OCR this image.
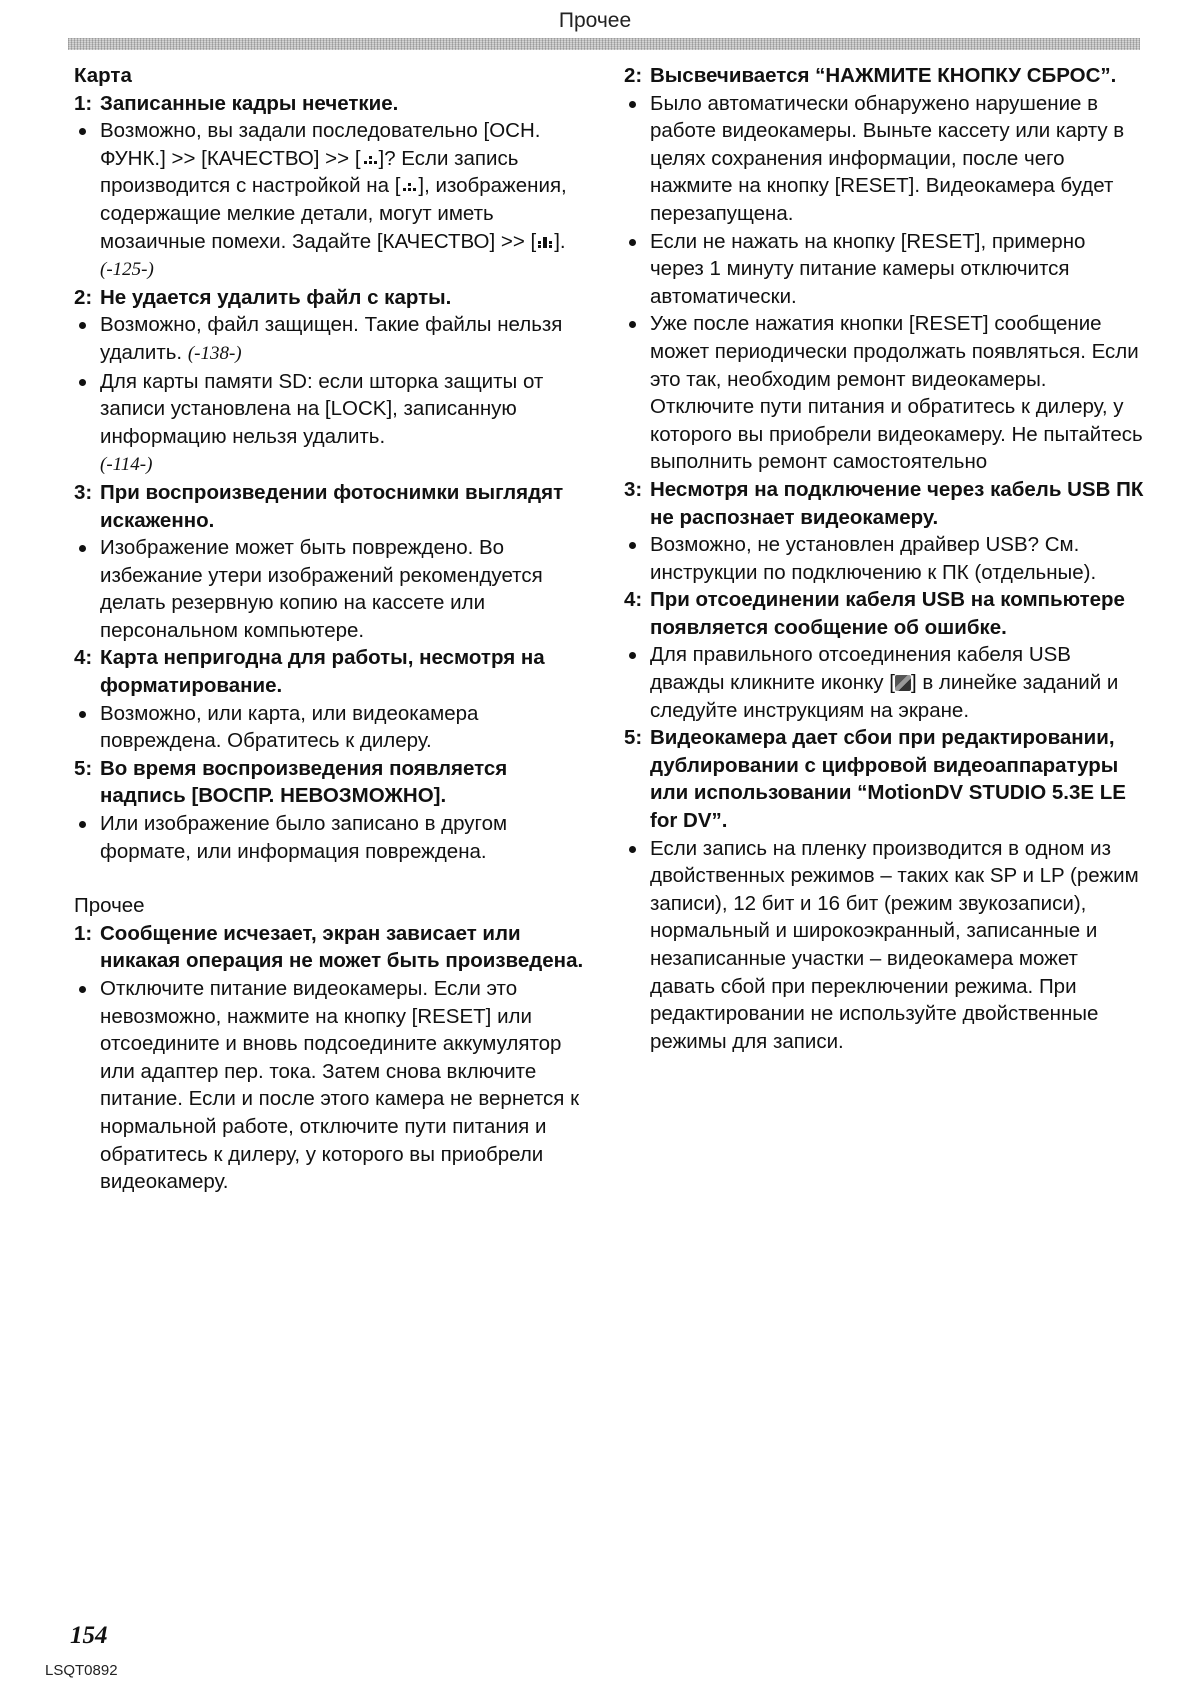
Прочее
Карта
1: Записанные кадры нечеткие.
Возможно, вы задали последовательно [ОСН. ФУНК.] >> [КАЧЕСТВО] >> [ ]? Если запись производится с настройкой на [ ], изображения, содержащие мелкие детали, могут иметь мозаичные помехи. Задайте [КАЧЕСТВО] >> [ ]. (-125-)
2: Не удается удалить файл с карты.
Возможно, файл защищен. Такие файлы нельзя удалить. (-138-)
Для карты памяти SD: если шторка защиты от записи установлена на [LOCK], записанную информацию нельзя удалить.
(-114-)
3: При воспроизведении фотоснимки выглядят искаженно.
Изображение может быть повреждено. Во избежание утери изображений рекомендуется делать резервную копию на кассете или персональном компьютере.
4: Карта непригодна для работы, несмотря на форматирование.
Возможно, или карта, или видеокамера повреждена. Обратитесь к дилеру.
5: Во время воспроизведения появляется надпись [ВОСПР. НЕВОЗМОЖНО].
Или изображение было записано в другом формате, или информация повреждена.
Прочее
1: Сообщение исчезает, экран зависает или никакая операция не может быть произведена.
Отключите питание видеокамеры. Если это невозможно, нажмите на кнопку [RESET] или отсоедините и вновь подсоедините аккумулятор или адаптер пер. тока. Затем снова включите питание. Если и после этого камера не вернется к нормальной работе, отключите пути питания и обратитесь к дилеру, у которого вы приобрели видеокамеру.
2: Высвечивается “НАЖМИТЕ КНОПКУ СБРОС”.
Было автоматически обнаружено нарушение в работе видеокамеры. Выньте кассету или карту в целях сохранения информации, после чего нажмите на кнопку [RESET]. Видеокамера будет перезапущена.
Если не нажать на кнопку [RESET], примерно через 1 минуту питание камеры отключится автоматически.
Уже после нажатия кнопки [RESET] сообщение может периодически продолжать появляться. Если это так, необходим ремонт видеокамеры. Отключите пути питания и обратитесь к дилеру, у которого вы приобрели видеокамеру. Не пытайтесь выполнить ремонт самостоятельно
3: Несмотря на подключение через кабель USB ПК не распознает видеокамеру.
Возможно, не установлен драйвер USB? См. инструкции по подключению к ПК (отдельные).
4: При отсоединении кабеля USB на компьютере появляется сообщение об ошибке.
Для правильного отсоединения кабеля USB дважды кликните иконку [ ] в линейке заданий и следуйте инструкциям на экране.
5: Видеокамера дает сбои при редактировании, дублировании с цифровой видеоаппаратуры или использовании “MotionDV STUDIO 5.3E LE for DV”.
Если запись на пленку производится в одном из двойственных режимов – таких как SP и LP (режим записи), 12 бит и 16 бит (режим звукозаписи), нормальный и широкоэкранный, записанные и незаписанные участки – видеокамера может давать сбой при переключении режима. При редактировании не используйте двойственные режимы для записи.
154
LSQT0892
